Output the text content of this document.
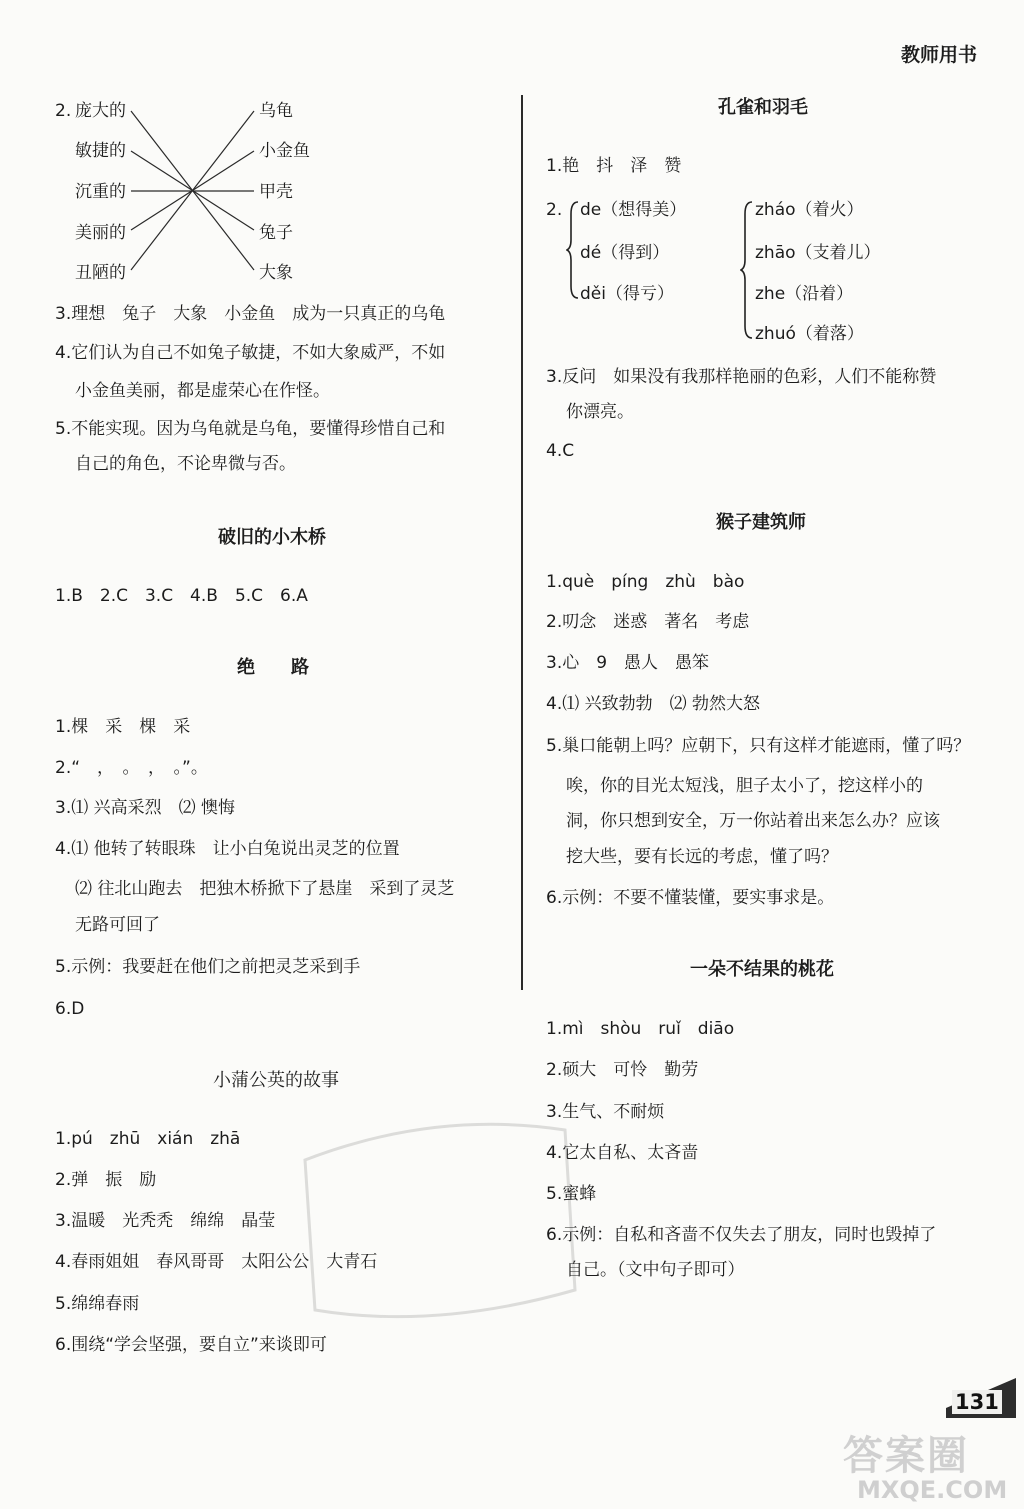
教师用书
2. 庞大的
敏捷的
沉重的
美丽的
丑陋的
乌龟
小金鱼
甲壳
兔子
大象
3.理想　兔子　大象　小金鱼　成为一只真正的乌龟
4.它们认为自己不如兔子敏捷，不如大象威严，不如
小金鱼美丽，都是虚荣心在作怪。
5.不能实现。因为乌龟就是乌龟，要懂得珍惜自己和
自己的角色，不论卑微与否。
破旧的小木桥
1.B　2.C　3.C　4.B　5.C　6.A
绝　　路
1.棵　采　棵　采
2.“　，　。　，　。”。
3.⑴ 兴高采烈　⑵ 懊悔
4.⑴ 他转了转眼珠　让小白兔说出灵芝的位置
⑵ 往北山跑去　把独木桥掀下了悬崖　采到了灵芝
无路可回了
5.示例：我要赶在他们之前把灵芝采到手
6.D
小蒲公英的故事
1.pú　zhū　xián　zhā
2.弹　振　励
3.温暖　光秃秃　绵绵　晶莹
4.春雨姐姐　春风哥哥　太阳公公　大青石
5.绵绵春雨
6.围绕“学会坚强，要自立”来谈即可
孔雀和羽毛
1.艳　抖　泽　赞
2. de（想得美）
dé（得到）
děi（得亏）
zháo（着火）
zhāo（支着儿）
zhe（沿着）
zhuó（着落）
3.反问　如果没有我那样艳丽的色彩，人们不能称赞
你漂亮。
4.C
猴子建筑师
1.què　píng　zhù　bào
2.叨念　迷惑　著名　考虑
3.心　9　愚人　愚笨
4.⑴ 兴致勃勃　⑵ 勃然大怒
5.巢口能朝上吗？应朝下，只有这样才能遮雨，懂了吗？
唉，你的目光太短浅，胆子太小了，挖这样小的
洞，你只想到安全，万一你站着出来怎么办？应该
挖大些，要有长远的考虑，懂了吗？
6.示例：不要不懂装懂，要实事求是。
一朵不结果的桃花
1.mì　shòu　ruǐ　diāo
2.硕大　可怜　勤劳
3.生气、不耐烦
4.它太自私、太吝啬
5.蜜蜂
6.示例：自私和吝啬不仅失去了朋友，同时也毁掉了
自己。（文中句子即可）
131
答案圈
MXQE.COM
